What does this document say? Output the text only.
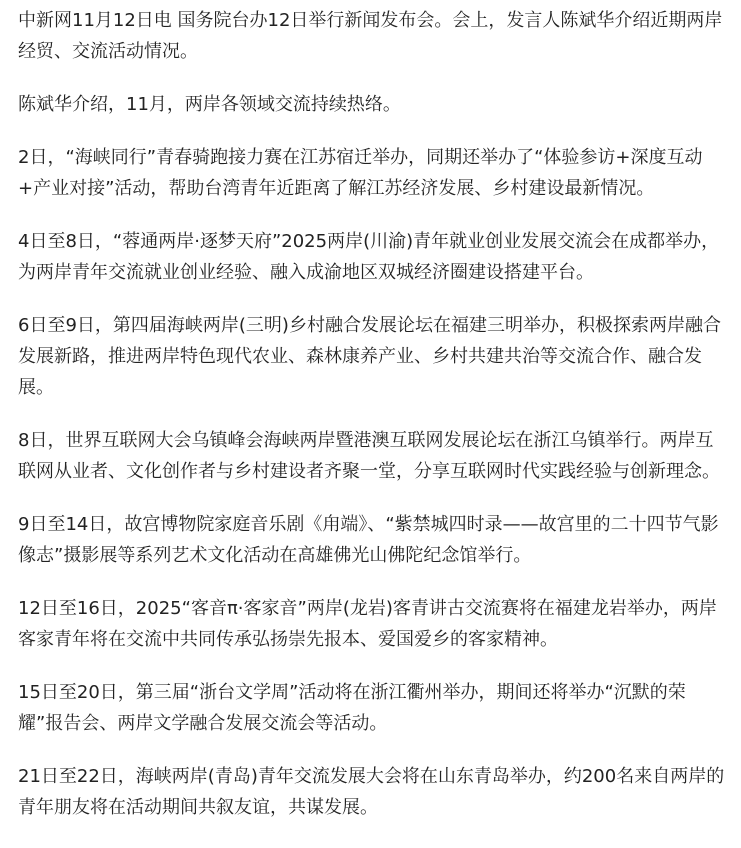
中新网11月12日电 国务院台办12日举行新闻发布会。会上，发言人陈斌华介绍近期两岸经贸、交流活动情况。

陈斌华介绍，11月，两岸各领域交流持续热络。

2日，“海峡同行”青春骑跑接力赛在江苏宿迁举办，同期还举办了“体验参访+深度互动+产业对接”活动，帮助台湾青年近距离了解江苏经济发展、乡村建设最新情况。

4日至8日，“蓉通两岸·逐梦天府”2025两岸(川渝)青年就业创业发展交流会在成都举办，为两岸青年交流就业创业经验、融入成渝地区双城经济圈建设搭建平台。

6日至9日，第四届海峡两岸(三明)乡村融合发展论坛在福建三明举办，积极探索两岸融合发展新路，推进两岸特色现代农业、森林康养产业、乡村共建共治等交流合作、融合发展。

8日，世界互联网大会乌镇峰会海峡两岸暨港澳互联网发展论坛在浙江乌镇举行。两岸互联网从业者、文化创作者与乡村建设者齐聚一堂，分享互联网时代实践经验与创新理念。

9日至14日，故宫博物院家庭音乐剧《甪端》、“紫禁城四时录——故宫里的二十四节气影像志”摄影展等系列艺术文化活动在高雄佛光山佛陀纪念馆举行。

12日至16日，2025“客音π·客家音”两岸(龙岩)客青讲古交流赛将在福建龙岩举办，两岸客家青年将在交流中共同传承弘扬崇先报本、爱国爱乡的客家精神。

15日至20日，第三届“浙台文学周”活动将在浙江衢州举办，期间还将举办“沉默的荣耀”报告会、两岸文学融合发展交流会等活动。

21日至22日，海峡两岸(青岛)青年交流发展大会将在山东青岛举办，约200名来自两岸的青年朋友将在活动期间共叙友谊，共谋发展。
